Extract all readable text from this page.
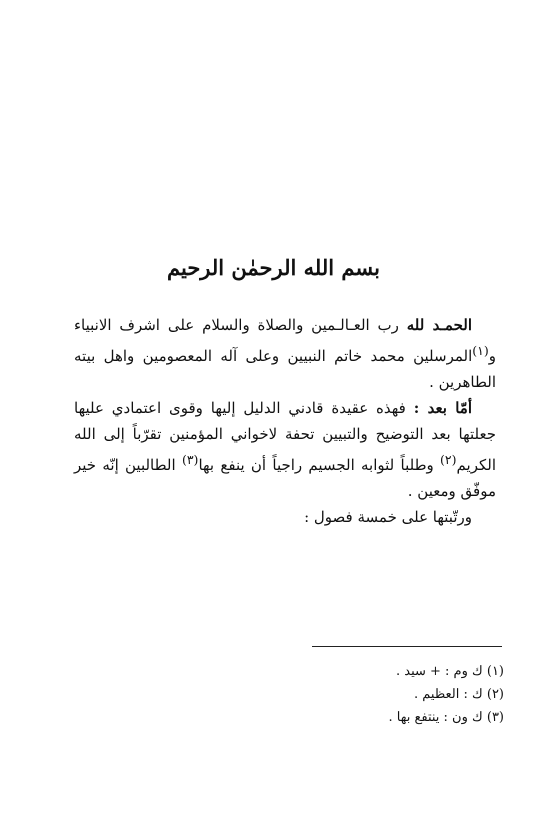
بسم الله الرحمٰن الرحيم

الحمـد لله رب العـالـمين والصلاة والسلام على اشرف الانبياء و$^{(١)}$المرسلين محمد خاتم النبيين وعلى آله المعصومين واهل بيته الطاهرين .

أمّا بعد : فهذه عقيدة قادني الدليل إليها وقوى اعتمادي عليها جعلتها بعد التوضيح والتبيين تحفة لاخواني المؤمنين تقرّباً إلى الله الكريم$^{(٢)}$ وطلباً لثوابه الجسيم راجياً أن ينفع بها$^{(٣)}$ الطالبين إنّه خير موفّق ومعين .

ورتّبتها على خمسة فصول :

(١) ك وم : + سيد .

(٢) ك : العظيم .

(٣) ك ون : ينتفع بها .
